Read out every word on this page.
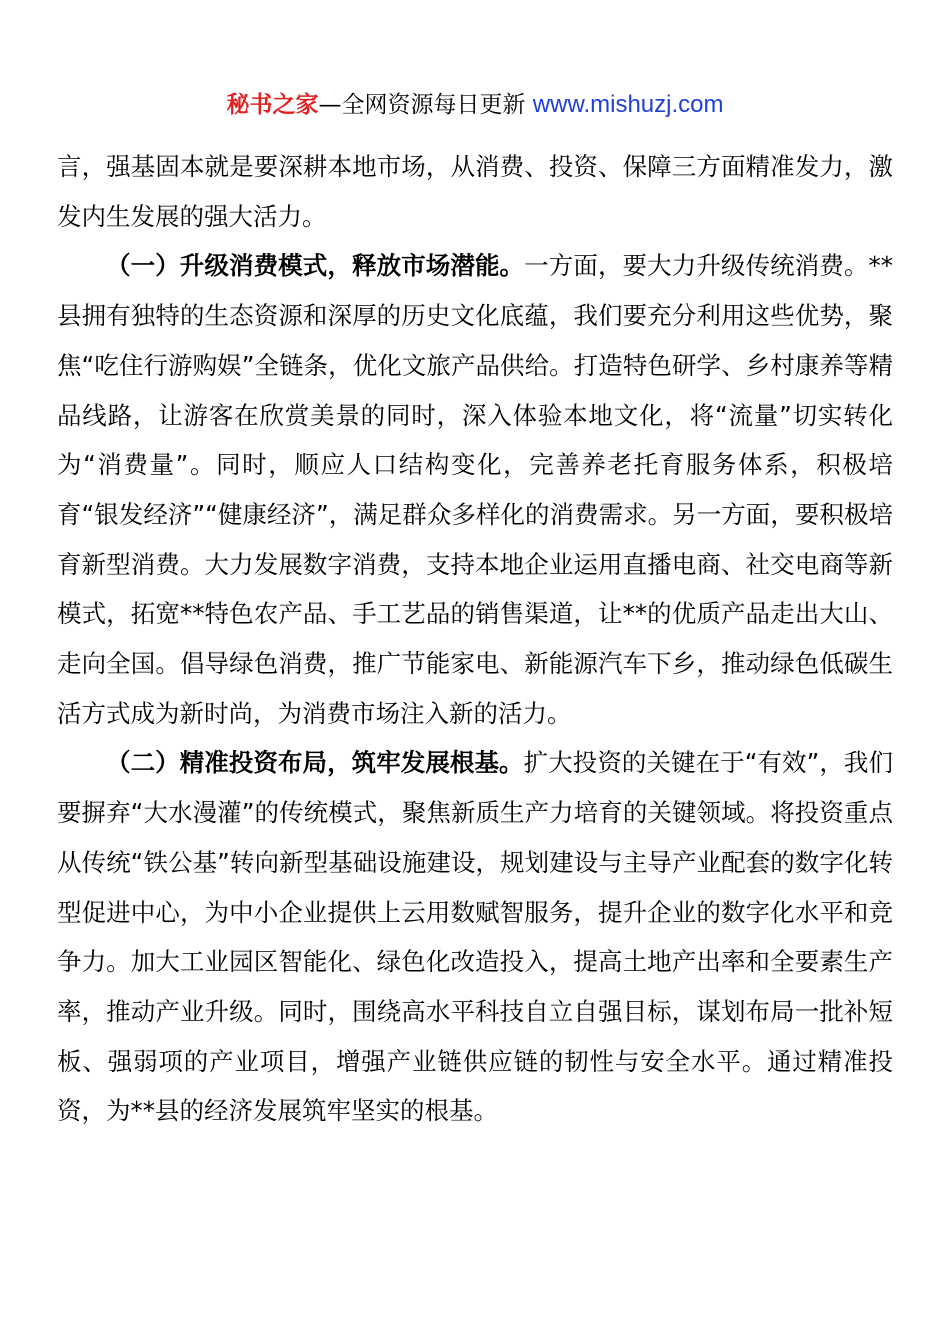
秘书之家—全网资源每日更新 www.mishuzj.com

言，强基固本就是要深耕本地市场，从消费、投资、保障三方面精准发力，激发内生发展的强大活力。

（一）升级消费模式，释放市场潜能。一方面，要大力升级传统消费。**县拥有独特的生态资源和深厚的历史文化底蕴，我们要充分利用这些优势，聚焦“吃住行游购娱”全链条，优化文旅产品供给。打造特色研学、乡村康养等精品线路，让游客在欣赏美景的同时，深入体验本地文化，将“流量”切实转化为“消费量”。同时，顺应人口结构变化，完善养老托育服务体系，积极培育“银发经济”“健康经济”，满足群众多样化的消费需求。另一方面，要积极培育新型消费。大力发展数字消费，支持本地企业运用直播电商、社交电商等新模式，拓宽**特色农产品、手工艺品的销售渠道，让**的优质产品走出大山、走向全国。倡导绿色消费，推广节能家电、新能源汽车下乡，推动绿色低碳生活方式成为新时尚，为消费市场注入新的活力。

（二）精准投资布局，筑牢发展根基。扩大投资的关键在于“有效”，我们要摒弃“大水漫灌”的传统模式，聚焦新质生产力培育的关键领域。将投资重点从传统“铁公基”转向新型基础设施建设，规划建设与主导产业配套的数字化转型促进中心，为中小企业提供上云用数赋智服务，提升企业的数字化水平和竞争力。加大工业园区智能化、绿色化改造投入，提高土地产出率和全要素生产率，推动产业升级。同时，围绕高水平科技自立自强目标，谋划布局一批补短板、强弱项的产业项目，增强产业链供应链的韧性与安全水平。通过精准投资，为**县的经济发展筑牢坚实的根基。
